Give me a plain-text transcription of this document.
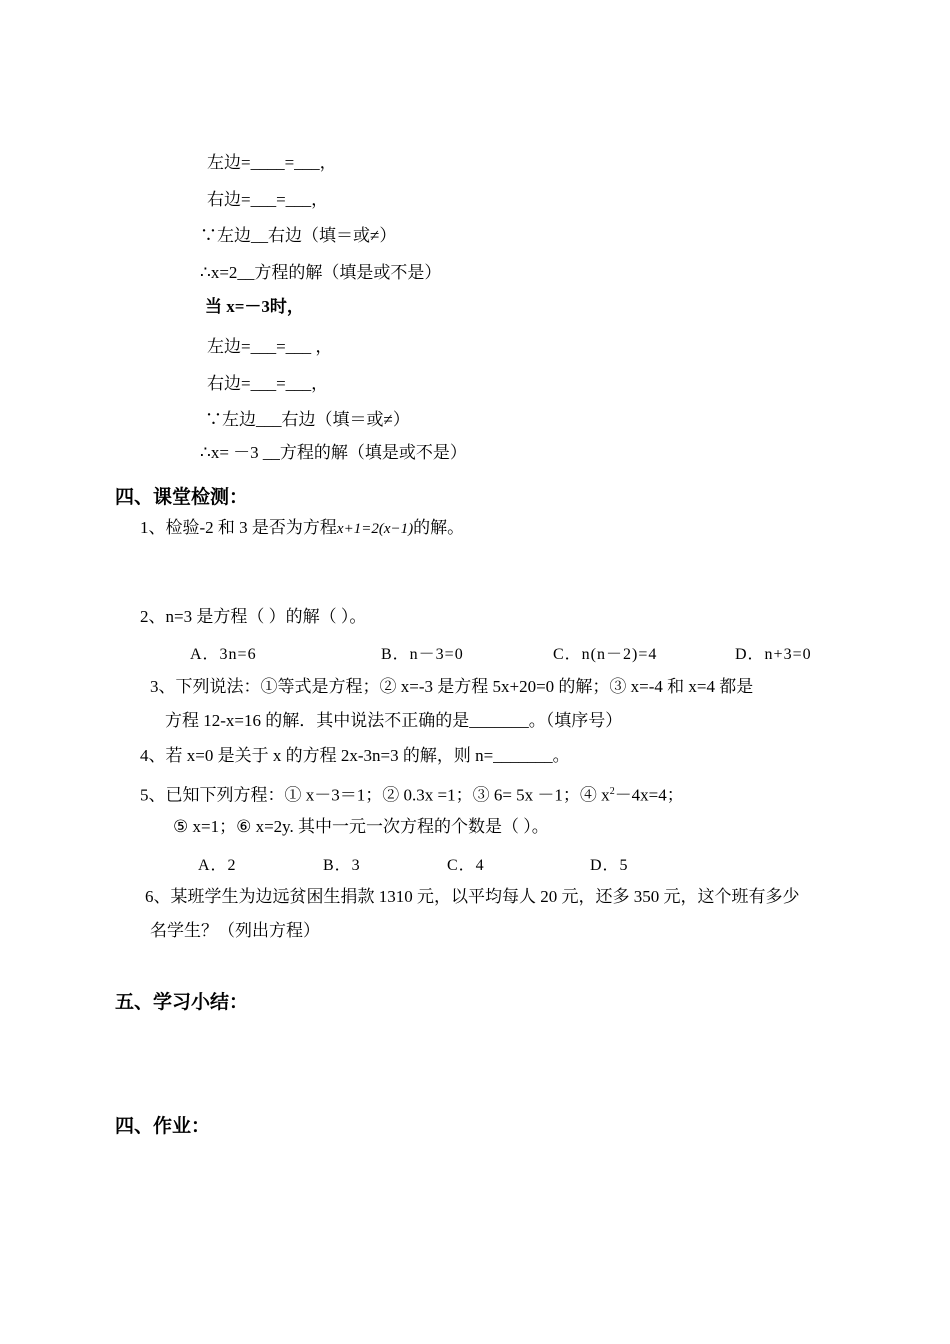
左边=____=___，
右边=___=___，
∵左边__右边（填＝或≠）
∴x=2__方程的解（填是或不是）
当 x=－3时，
左边=___=___ ，
右边=___=___，
∵左边___右边（填＝或≠）
∴x= －3 __方程的解（填是或不是）
四、课堂检测：
1、检验-2 和 3 是否为方程x+1=2(x−1)的解。
2、n=3 是方程（ ）的解（ ）。
A．3n=6	B．n－3=0	C．n(n－2)=4	D．n+3=0
3、下列说法：①等式是方程；② x=-3 是方程 5x+20=0 的解；③ x=-4 和 x=4 都是
方程 12-x=16 的解．其中说法不正确的是_______。（填序号）
4、若 x=0 是关于 x 的方程 2x-3n=3 的解，则 n=_______。
5、已知下列方程：① x－3＝1；② 0.3x =1；③ 6= 5x －1；④ $x^2-4x=4$；
⑤ x=1；⑥ x=2y. 其中一元一次方程的个数是（ ）。
A．2	B．3	C．4	D．5
6、某班学生为边远贫困生捐款 1310 元，以平均每人 20 元，还多 350 元，这个班有多少
名学生？（列出方程）
五、学习小结：
四、作业：
